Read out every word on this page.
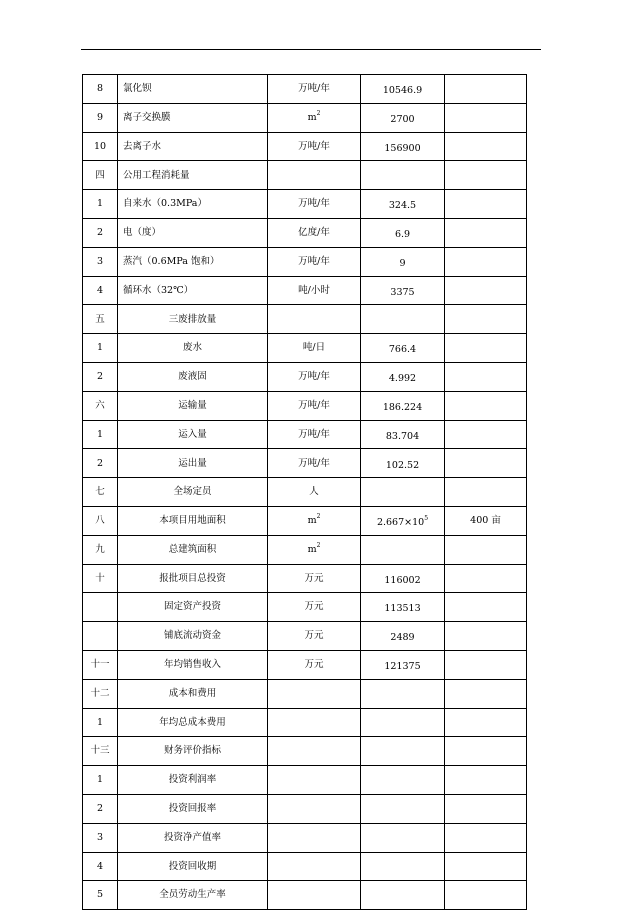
8	氯化钡	万吨/年	10546.9	
9	离子交换膜	$m^2$	2700	
10	去离子水	万吨/年	156900	
四	公用工程消耗量			
1	自来水（0.3MPa）	万吨/年	324.5	
2	电（度）	亿度/年	6.9	
3	蒸汽（0.6MPa 饱和）	万吨/年	9	
4	循环水（32℃）	吨/小时	3375	
五	三废排放量			
1	废水	吨/日	766.4	
2	废液固	万吨/年	4.992	
六	运输量	万吨/年	186.224	
1	运入量	万吨/年	83.704	
2	运出量	万吨/年	102.52	
七	全场定员	人		
八	本项目用地面积	$m^2$	$2.667\times 10^5$	400 亩
九	总建筑面积	$m^2$		
十	报批项目总投资	万元	116002	
	固定资产投资	万元	113513	
	铺底流动资金	万元	2489	
十一	年均销售收入	万元	121375	
十二	成本和费用			
1	年均总成本费用			
十三	财务评价指标			
1	投资利润率			
2	投资回报率			
3	投资净产值率			
4	投资回收期			
5	全员劳动生产率			
